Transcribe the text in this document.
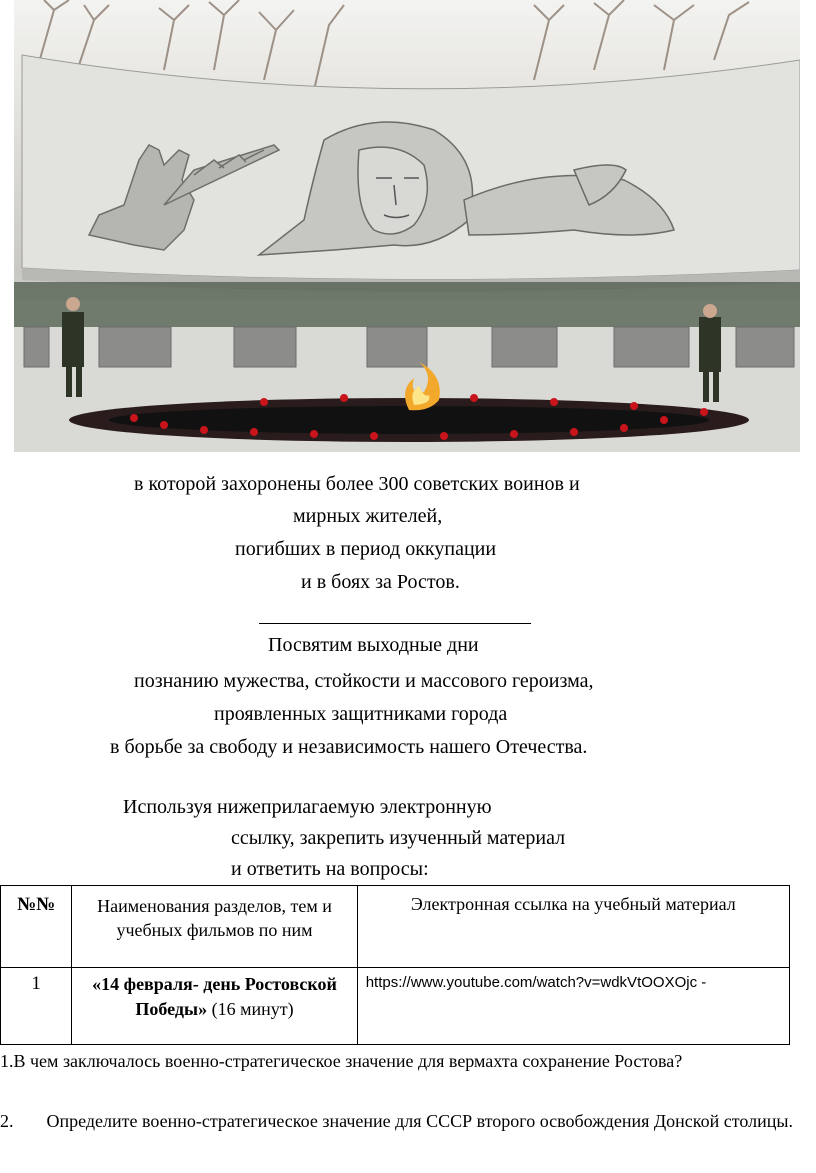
в которой захоронены более 300 советских воинов и
мирных жителей,
погибших в период оккупации
и в боях за Ростов.
Посвятим выходные дни
познанию мужества, стойкости и массового героизма,
проявленных защитниками города
в борьбе за свободу и независимость нашего Отечества.
Используя нижеприлагаемую электронную
ссылку, закрепить изученный материал
и ответить на вопросы:
№№	Наименования разделов, тем и учебных фильмов по ним	Электронная ссылка на учебный материал
1	«14 февраля- день Ростовской Победы» (16 минут)	https://www.youtube.com/watch?v=wdkVtOOXOjc -
1.В чем заключалось военно-стратегическое значение для вермахта сохранение Ростова?
2. Определите военно-стратегическое значение для СССР второго освобождения Донской столицы.
